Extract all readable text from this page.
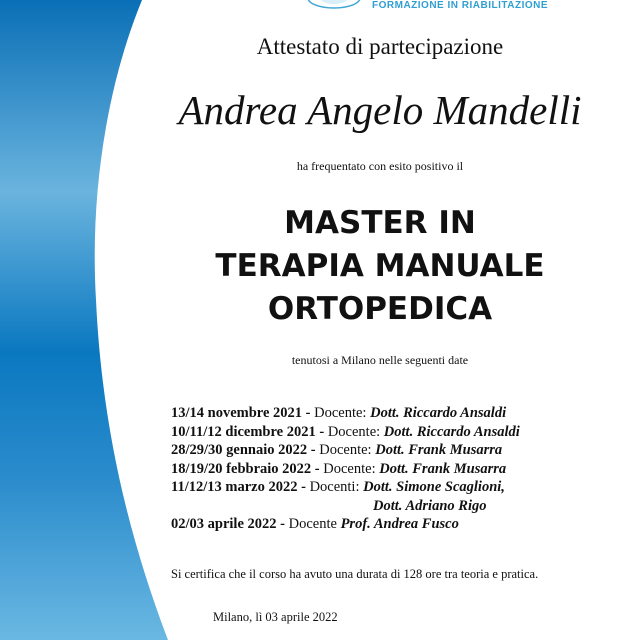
FORMAZIONE IN RIABILITAZIONE
Attestato di partecipazione
Andrea Angelo Mandelli
ha frequentato con esito positivo il
MASTER IN
TERAPIA MANUALE
ORTOPEDICA
tenutosi a Milano nelle seguenti date
13/14 novembre 2021 - Docente: Dott. Riccardo Ansaldi
10/11/12 dicembre 2021 - Docente: Dott. Riccardo Ansaldi
28/29/30 gennaio 2022 - Docente: Dott. Frank Musarra
18/19/20 febbraio 2022 - Docente: Dott. Frank Musarra
11/12/13 marzo 2022 - Docenti: Dott. Simone Scaglioni,
Dott. Adriano Rigo
02/03 aprile 2022 - Docente Prof. Andrea Fusco
Si certifica che il corso ha avuto una durata di 128 ore tra teoria e pratica.
Milano, lì 03 aprile 2022
